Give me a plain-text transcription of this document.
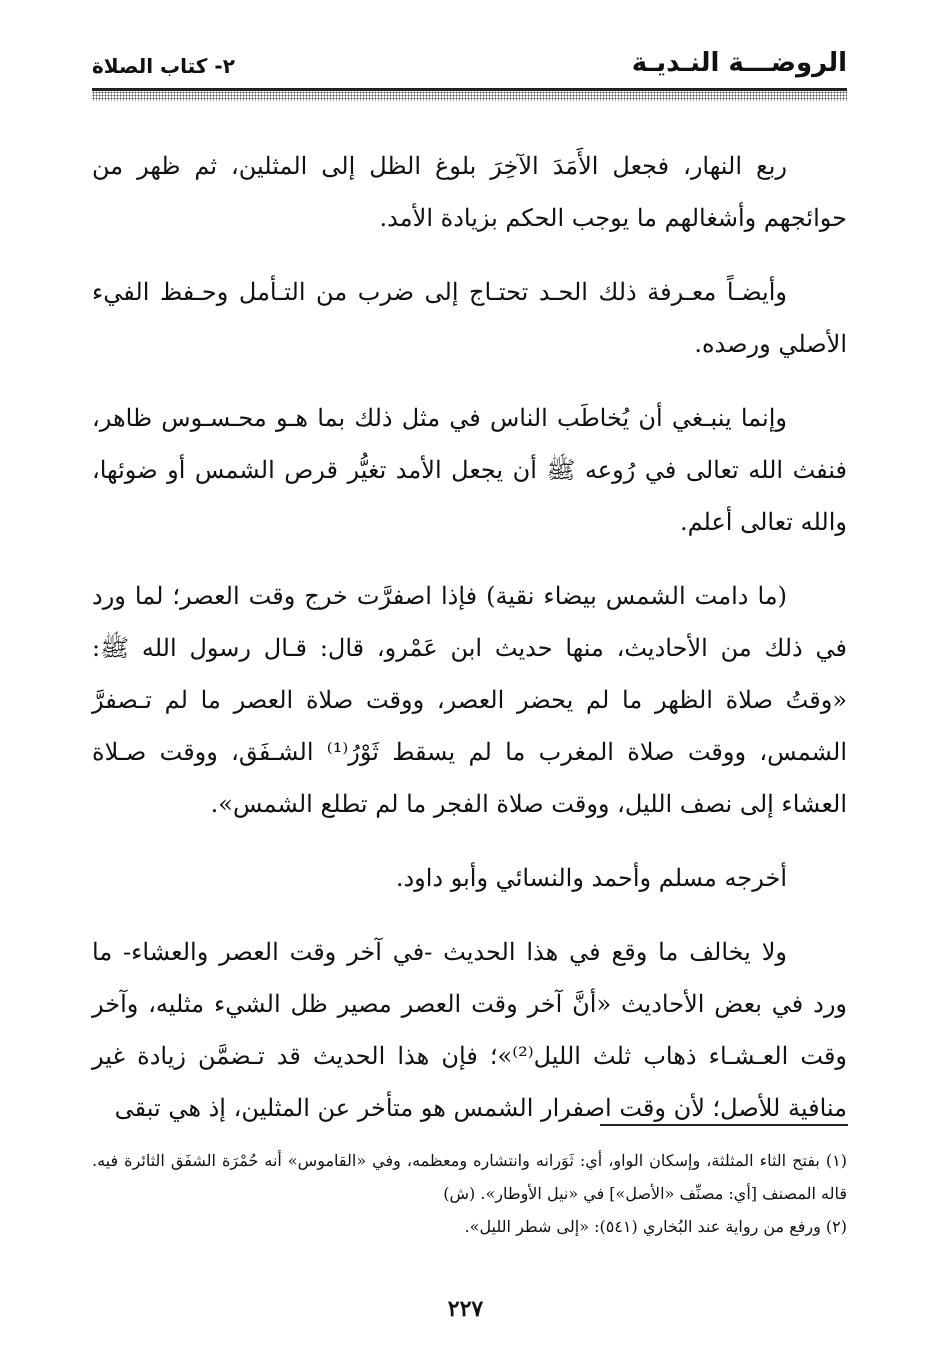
الروضـــة النـديـة
٢- كتاب الصلاة

ربع النهار، فجعل الأَمَدَ الآخِرَ بلوغ الظل إلى المثلين، ثم ظهر من حوائجهم وأشغالهم ما يوجب الحكم بزيادة الأمد.

وأيضـاً معـرفة ذلك الحـد تحتـاج إلى ضرب من التـأمل وحـفظ الفيء الأصلي ورصده.

وإنما ينبـغي أن يُخاطَب الناس في مثل ذلك بما هـو محـسـوس ظاهر، فنفث الله تعالى في رُوعه ﷺ أن يجعل الأمد تغيُّر قرص الشمس أو ضوئها، والله تعالى أعلم.

(ما دامت الشمس بيضاء نقية) فإذا اصفرَّت خرج وقت العصر؛ لما ورد في ذلك من الأحاديث، منها حديث ابن عَمْرو، قال: قـال رسول الله ﷺ: «وقتُ صلاة الظهر ما لم يحضر العصر، ووقت صلاة العصر ما لم تـصفرَّ الشمس، ووقت صلاة المغرب ما لم يسقط ثَوْرُ⁽¹⁾ الشـفَق، ووقت صـلاة العشاء إلى نصف الليل، ووقت صلاة الفجر ما لم تطلع الشمس».

أخرجه مسلم وأحمد والنسائي وأبو داود.

ولا يخالف ما وقع في هذا الحديث -في آخر وقت العصر والعشاء- ما ورد في بعض الأحاديث «أنَّ آخر وقت العصر مصير ظل الشيء مثليه، وآخر وقت العـشـاء ذهاب ثلث الليل⁽²⁾»؛ فإن هذا الحديث قد تـضمَّن زيادة غير منافية للأصل؛ لأن وقت اصفرار الشمس هو متأخر عن المثلين، إذ هي تبقى

(١) بفتح الثاء المثلثة، وإسكان الواو، أي: ثَوَرانه وانتشاره ومعظمه، وفي «القاموس» أنه حُمْرَة الشفَق الثائرة فيه. قاله المصنف [أي: مصنِّف «الأصل»] في «نيل الأوطار». (ش)

(٢) ورفع من رواية عند البُخاري (٥٤١): «إلى شطر الليل».

٢٢٧
